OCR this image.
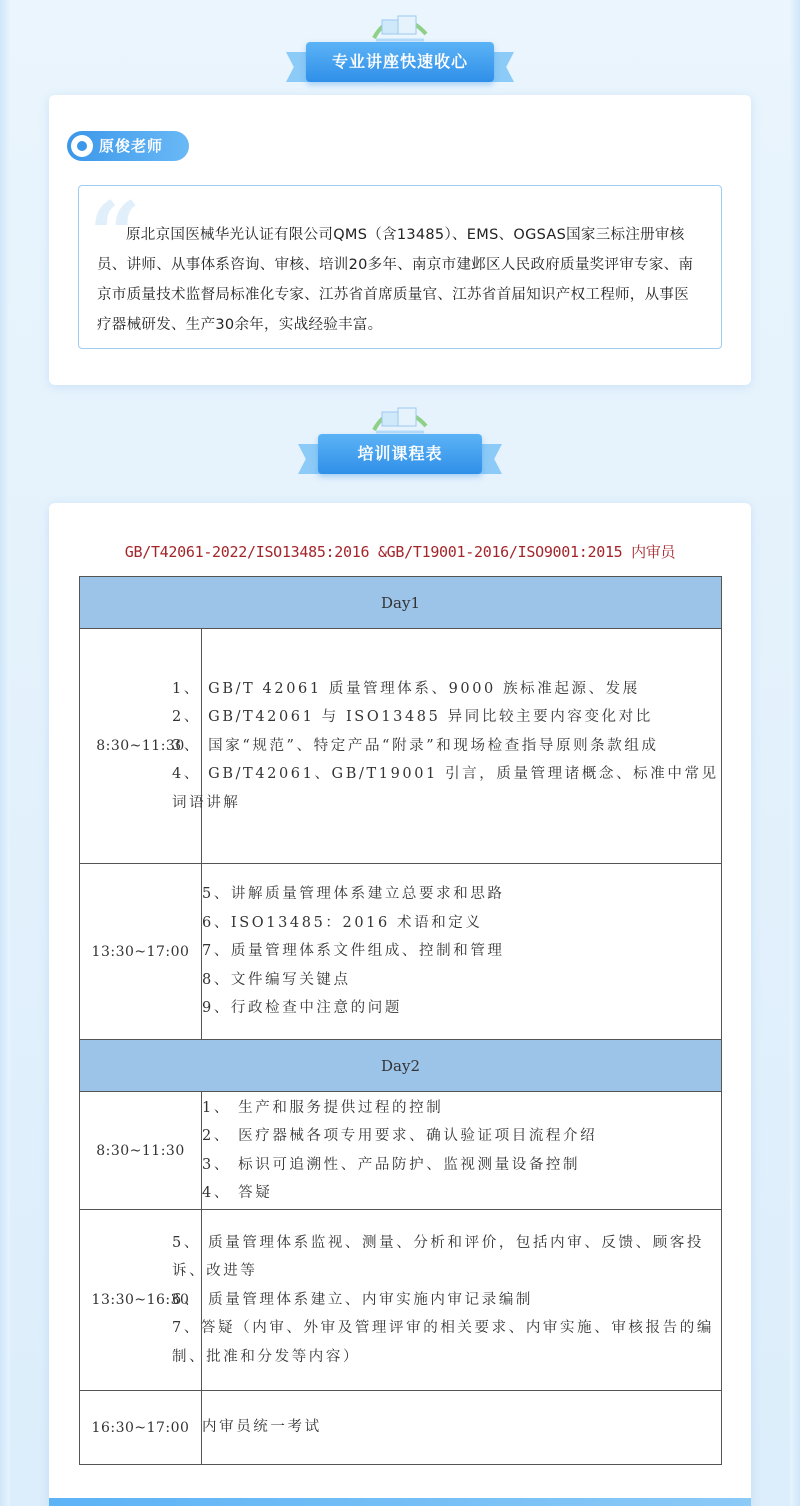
专业讲座快速收心
原俊老师
“
原北京国医械华光认证有限公司QMS（含13485）、EMS、OGSAS国家三标注册审核员、讲师、从事体系咨询、审核、培训20多年、南京市建邺区人民政府质量奖评审专家、南京市质量技术监督局标准化专家、江苏省首席质量官、江苏省首届知识产权工程师，从事医疗器械研发、生产30余年，实战经验丰富。
培训课程表
GB/T42061-2022/ISO13485:2016 &GB/T19001-2016/ISO9001:2015 内审员
Day1	
8:30~11:30	1、 GB/T 42061 质量管理体系、9000 族标准起源、发展
2、 GB/T42061 与 ISO13485 异同比较主要内容变化对比
3、 国家“规范”、特定产品“附录”和现场检查指导原则条款组成
4、 GB/T42061、GB/T19001 引言，质量管理诸概念、标准中常见词语讲解

13:30~17:00	5、讲解质量管理体系建立总要求和思路
6、ISO13485：2016 术语和定义
7、质量管理体系文件组成、控制和管理
8、文件编写关键点
9、行政检查中注意的问题

Day2	
8:30~11:30	1、 生产和服务提供过程的控制
2、 医疗器械各项专用要求、确认验证项目流程介绍
3、 标识可追溯性、产品防护、监视测量设备控制
4、 答疑

13:30~16:30	5、 质量管理体系监视、测量、分析和评价，包括内审、反馈、顾客投诉、改进等
6、 质量管理体系建立、内审实施内审记录编制
7、答疑（内审、外审及管理评审的相关要求、内审实施、审核报告的编制、批准和分发等内容）

16:30~17:00	内审员统一考试
